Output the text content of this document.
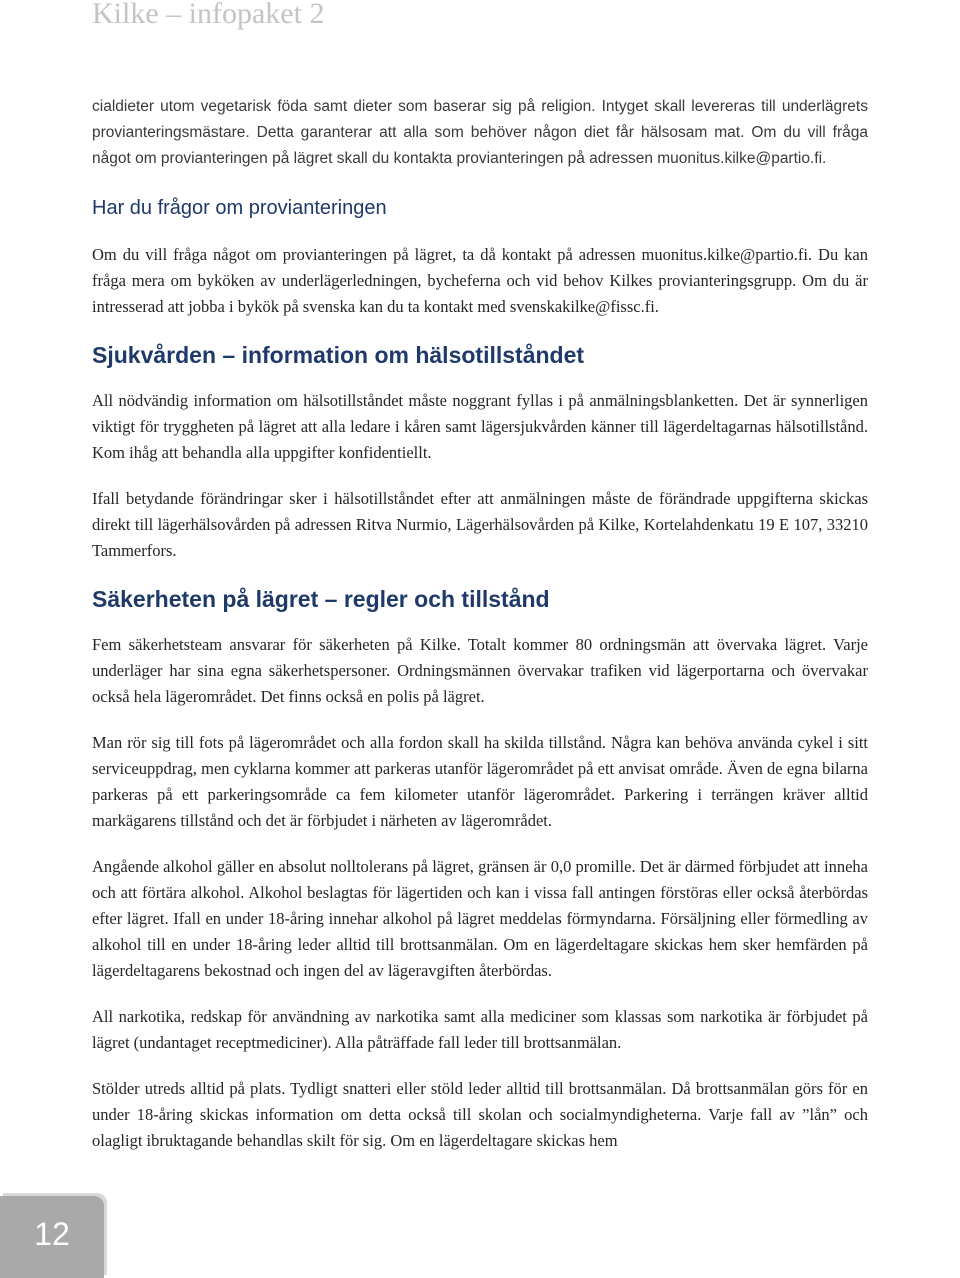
Kilke – infopaket 2

cialdieter utom vegetarisk föda samt dieter som baserar sig på religion. Intyget skall levereras till underlägrets provianteringsmästare. Detta garanterar att alla som behöver någon diet får hälsosam mat. Om du vill fråga något om provianteringen på lägret skall du kontakta provianteringen på adressen muonitus.kilke@partio.fi.

Har du frågor om provianteringen

Om du vill fråga något om provianteringen på lägret, ta då kontakt på adressen muonitus.kilke@partio.fi. Du kan fråga mera om byköken av underlägerledningen, bycheferna och vid behov Kilkes provianteringsgrupp. Om du är intresserad att jobba i bykök på svenska kan du ta kontakt med svenskakilke@fissc.fi.

Sjukvården – information om hälsotillståndet

All nödvändig information om hälsotillståndet måste noggrant fyllas i på anmälningsblanketten. Det är synnerligen viktigt för tryggheten på lägret att alla ledare i kåren samt lägersjukvården känner till lägerdeltagarnas hälsotillstånd. Kom ihåg att behandla alla uppgifter konfidentiellt.

Ifall betydande förändringar sker i hälsotillståndet efter att anmälningen måste de förändrade uppgifterna skickas direkt till lägerhälsovården på adressen Ritva Nurmio, Lägerhälsovården på Kilke, Kortelahdenkatu 19 E 107, 33210 Tammerfors.

Säkerheten på lägret – regler och tillstånd

Fem säkerhetsteam ansvarar för säkerheten på Kilke. Totalt kommer 80 ordningsmän att övervaka lägret. Varje underläger har sina egna säkerhetspersoner. Ordningsmännen övervakar trafiken vid lägerportarna och övervakar också hela lägerområdet. Det finns också en polis på lägret.

Man rör sig till fots på lägerområdet och alla fordon skall ha skilda tillstånd. Några kan behöva använda cykel i sitt serviceuppdrag, men cyklarna kommer att parkeras utanför lägerområdet på ett anvisat område. Även de egna bilarna parkeras på ett parkeringsområde ca fem kilometer utanför lägerområdet. Parkering i terrängen kräver alltid markägarens tillstånd och det är förbjudet i närheten av lägerområdet.

Angående alkohol gäller en absolut nolltolerans på lägret, gränsen är 0,0 promille. Det är därmed förbjudet att inneha och att förtära alkohol. Alkohol beslagtas för lägertiden och kan i vissa fall antingen förstöras eller också återbördas efter lägret. Ifall en under 18-åring innehar alkohol på lägret meddelas förmyndarna. Försäljning eller förmedling av alkohol till en under 18-åring leder alltid till brottsanmälan. Om en lägerdeltagare skickas hem sker hemfärden på lägerdeltagarens bekostnad och ingen del av lägeravgiften återbördas.

All narkotika, redskap för användning av narkotika samt alla mediciner som klassas som narkotika är förbjudet på lägret (undantaget receptmediciner). Alla påträffade fall leder till brottsanmälan.

Stölder utreds alltid på plats. Tydligt snatteri eller stöld leder alltid till brottsanmälan. Då brottsanmälan görs för en under 18-åring skickas information om detta också till skolan och socialmyndigheterna. Varje fall av ”lån” och olagligt ibruktagande behandlas skilt för sig. Om en lägerdeltagare skickas hem

12
